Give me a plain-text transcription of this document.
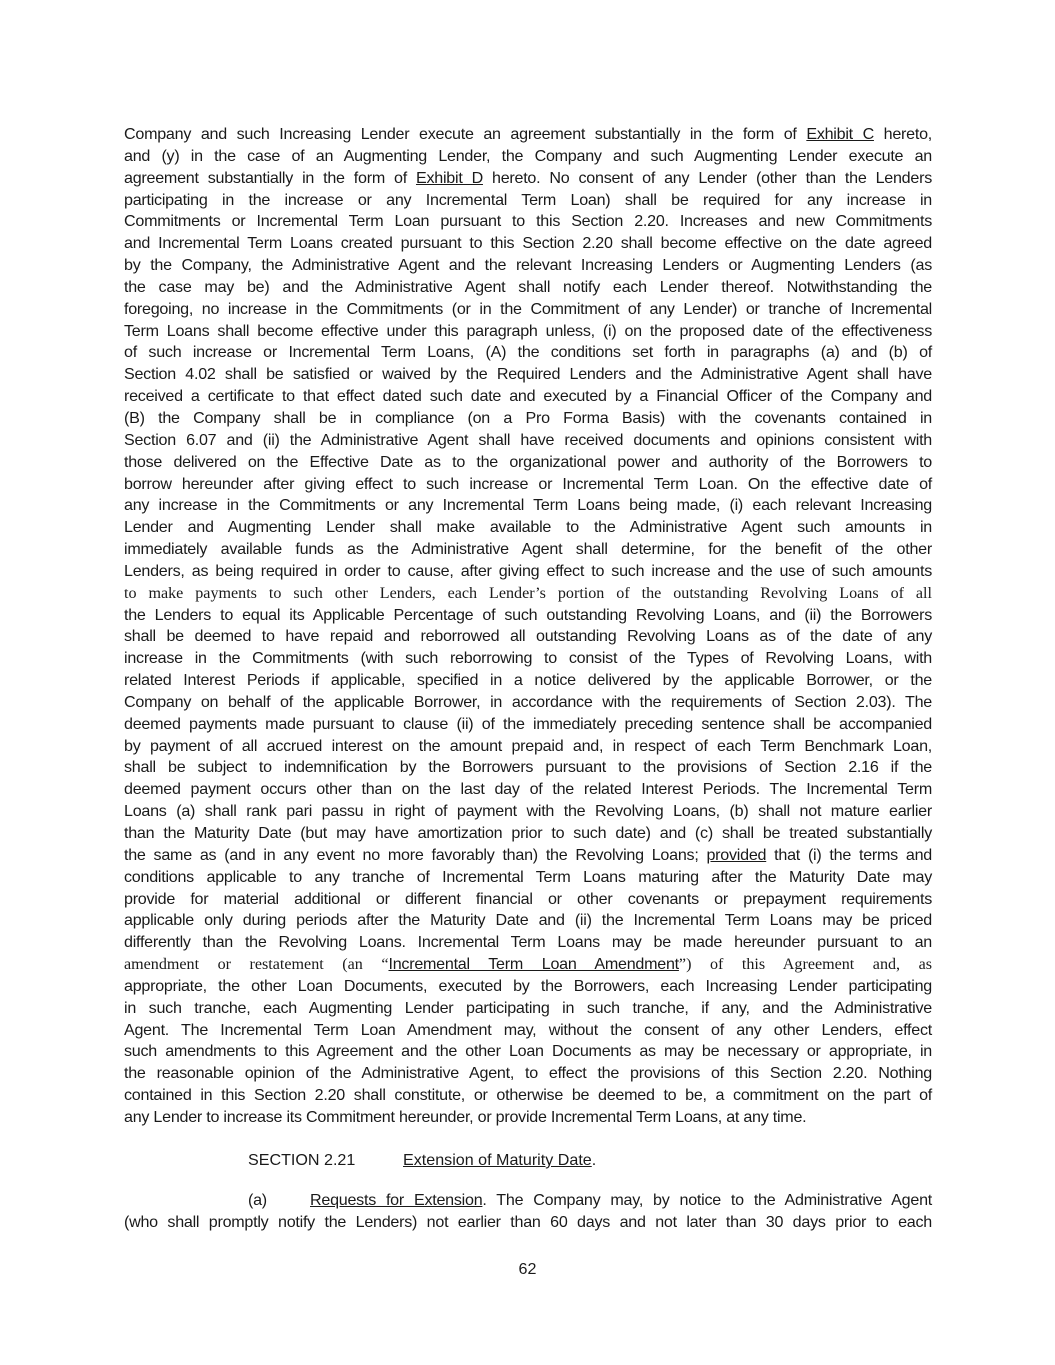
Company and such Increasing Lender execute an agreement substantially in the form of Exhibit C hereto,
and (y) in the case of an Augmenting Lender, the Company and such Augmenting Lender execute an
agreement substantially in the form of Exhibit D hereto. No consent of any Lender (other than the Lenders
participating in the increase or any Incremental Term Loan) shall be required for any increase in
Commitments or Incremental Term Loan pursuant to this Section 2.20. Increases and new Commitments
and Incremental Term Loans created pursuant to this Section 2.20 shall become effective on the date agreed
by the Company, the Administrative Agent and the relevant Increasing Lenders or Augmenting Lenders (as
the case may be) and the Administrative Agent shall notify each Lender thereof. Notwithstanding the
foregoing, no increase in the Commitments (or in the Commitment of any Lender) or tranche of Incremental
Term Loans shall become effective under this paragraph unless, (i) on the proposed date of the effectiveness
of such increase or Incremental Term Loans, (A) the conditions set forth in paragraphs (a) and (b) of
Section 4.02 shall be satisfied or waived by the Required Lenders and the Administrative Agent shall have
received a certificate to that effect dated such date and executed by a Financial Officer of the Company and
(B) the Company shall be in compliance (on a Pro Forma Basis) with the covenants contained in
Section 6.07 and (ii) the Administrative Agent shall have received documents and opinions consistent with
those delivered on the Effective Date as to the organizational power and authority of the Borrowers to
borrow hereunder after giving effect to such increase or Incremental Term Loan. On the effective date of
any increase in the Commitments or any Incremental Term Loans being made, (i) each relevant Increasing
Lender and Augmenting Lender shall make available to the Administrative Agent such amounts in
immediately available funds as the Administrative Agent shall determine, for the benefit of the other
Lenders, as being required in order to cause, after giving effect to such increase and the use of such amounts
to make payments to such other Lenders, each Lender’s portion of the outstanding Revolving Loans of all
the Lenders to equal its Applicable Percentage of such outstanding Revolving Loans, and (ii) the Borrowers
shall be deemed to have repaid and reborrowed all outstanding Revolving Loans as of the date of any
increase in the Commitments (with such reborrowing to consist of the Types of Revolving Loans, with
related Interest Periods if applicable, specified in a notice delivered by the applicable Borrower, or the
Company on behalf of the applicable Borrower, in accordance with the requirements of Section 2.03). The
deemed payments made pursuant to clause (ii) of the immediately preceding sentence shall be accompanied
by payment of all accrued interest on the amount prepaid and, in respect of each Term Benchmark Loan,
shall be subject to indemnification by the Borrowers pursuant to the provisions of Section 2.16 if the
deemed payment occurs other than on the last day of the related Interest Periods. The Incremental Term
Loans (a) shall rank pari passu in right of payment with the Revolving Loans, (b) shall not mature earlier
than the Maturity Date (but may have amortization prior to such date) and (c) shall be treated substantially
the same as (and in any event no more favorably than) the Revolving Loans; provided that (i) the terms and
conditions applicable to any tranche of Incremental Term Loans maturing after the Maturity Date may
provide for material additional or different financial or other covenants or prepayment requirements
applicable only during periods after the Maturity Date and (ii) the Incremental Term Loans may be priced
differently than the Revolving Loans. Incremental Term Loans may be made hereunder pursuant to an
amendment or restatement (an “Incremental Term Loan Amendment”) of this Agreement and, as
appropriate, the other Loan Documents, executed by the Borrowers, each Increasing Lender participating
in such tranche, each Augmenting Lender participating in such tranche, if any, and the Administrative
Agent. The Incremental Term Loan Amendment may, without the consent of any other Lenders, effect
such amendments to this Agreement and the other Loan Documents as may be necessary or appropriate, in
the reasonable opinion of the Administrative Agent, to effect the provisions of this Section 2.20. Nothing
contained in this Section 2.20 shall constitute, or otherwise be deemed to be, a commitment on the part of
any Lender to increase its Commitment hereunder, or provide Incremental Term Loans, at any time.
SECTION 2.21	Extension of Maturity Date.
(a)	Requests for Extension. The Company may, by notice to the Administrative Agent
(who shall promptly notify the Lenders) not earlier than 60 days and not later than 30 days prior to each
62
